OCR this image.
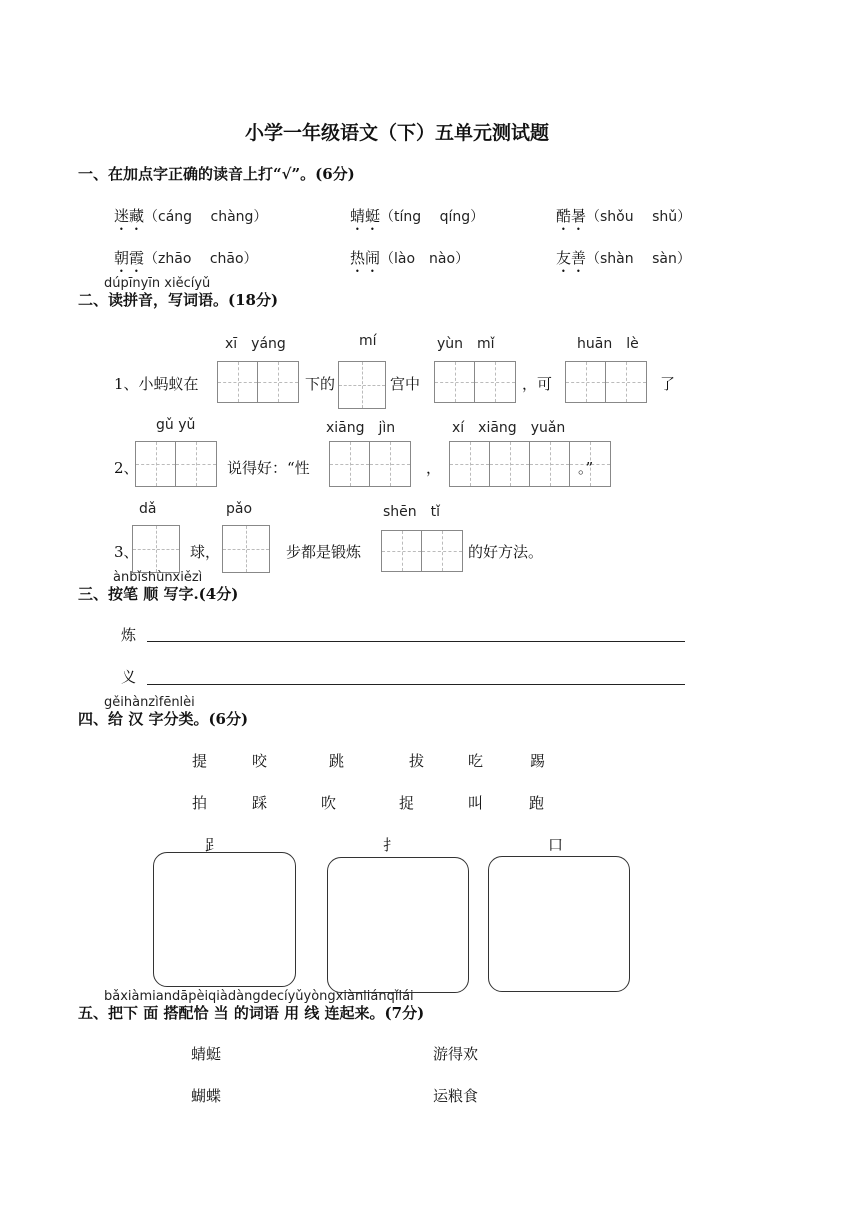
小学一年级语文（下）五单元测试题
一、在加点字正确的读音上打“√”。(6分)
迷藏（cáng　 chàng）	蜻蜓（tíng　 qíng）	酷暑（shǒu　 shǔ）
朝霞（zhāo　 chāo）	热闹（lào　nào）	友善（shàn　 sàn）
dúpīnyīn xiěcíyǔ
二、读拼音，写词语。(18分)
xī　yáng	mí	yùn　mǐ	huān　lè
1、小蚂蚁在	下的	宫中	，可	了
gǔ yǔ	xiāng　jìn	xí　xiāng　yuǎn
2、	说得好：“性	，	。”
dǎ	pǎo	shēn　tǐ
3、	球，	步都是锻炼	的好方法。
ànbǐshùnxiězì
三、按笔 顺 写字.(4分)
炼
义
gěihànzìfēnlèi
四、给 汉 字分类。(6分)
提	咬	跳	拔	吃	踢
拍	踩	吹	捉	叫	跑
𧾷	扌	口
bǎxiàmiandāpèiqiàdàngdecíyǔyòngxiànliánqǐlái
五、把下 面 搭配恰 当 的词语 用 线 连起来。(7分)
蜻蜓	游得欢
蝴蝶	运粮食
